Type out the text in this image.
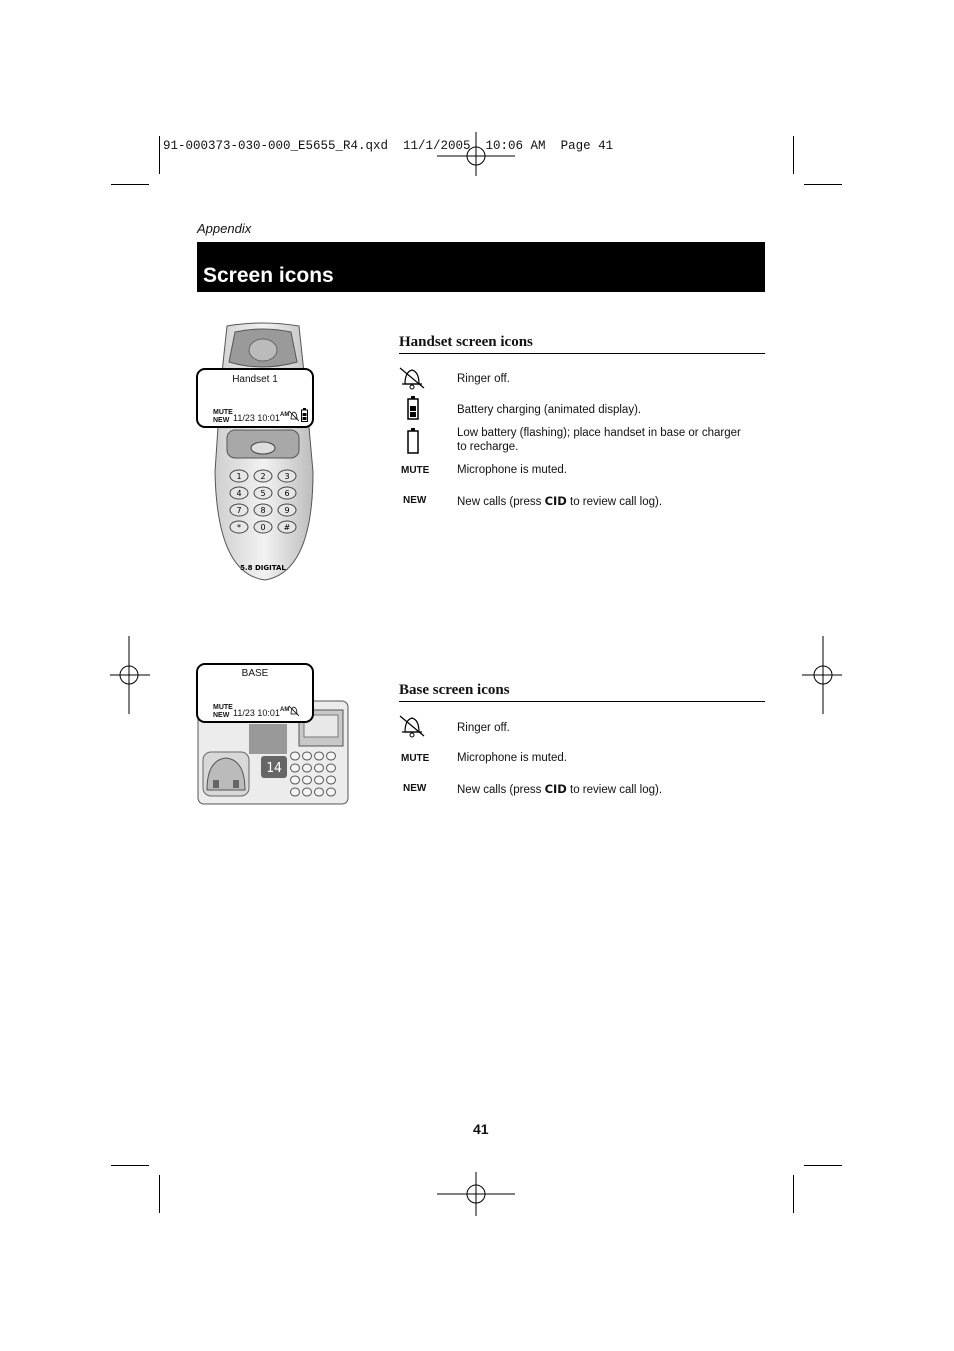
91-000373-030-000_E5655_R4.qxd  11/1/2005  10:06 AM  Page 41
Appendix
Screen icons
1 2 3
4 5 6
7 8 9
* 0 #
5.8 DIGITAL
Handset 1
MUTE
NEW 11/23 10:01 AM
Handset screen icons
Ringer off.
Battery charging (animated display).
Low battery (flashing); place handset in base or charger to recharge.
MUTE Microphone is muted.
NEW	New calls (press CID to review call log).
14
BASE
MUTE
NEW 11/23 10:01 AM
Base screen icons
Ringer off.
MUTE Microphone is muted.
NEW	New calls (press CID to review call log).
41
